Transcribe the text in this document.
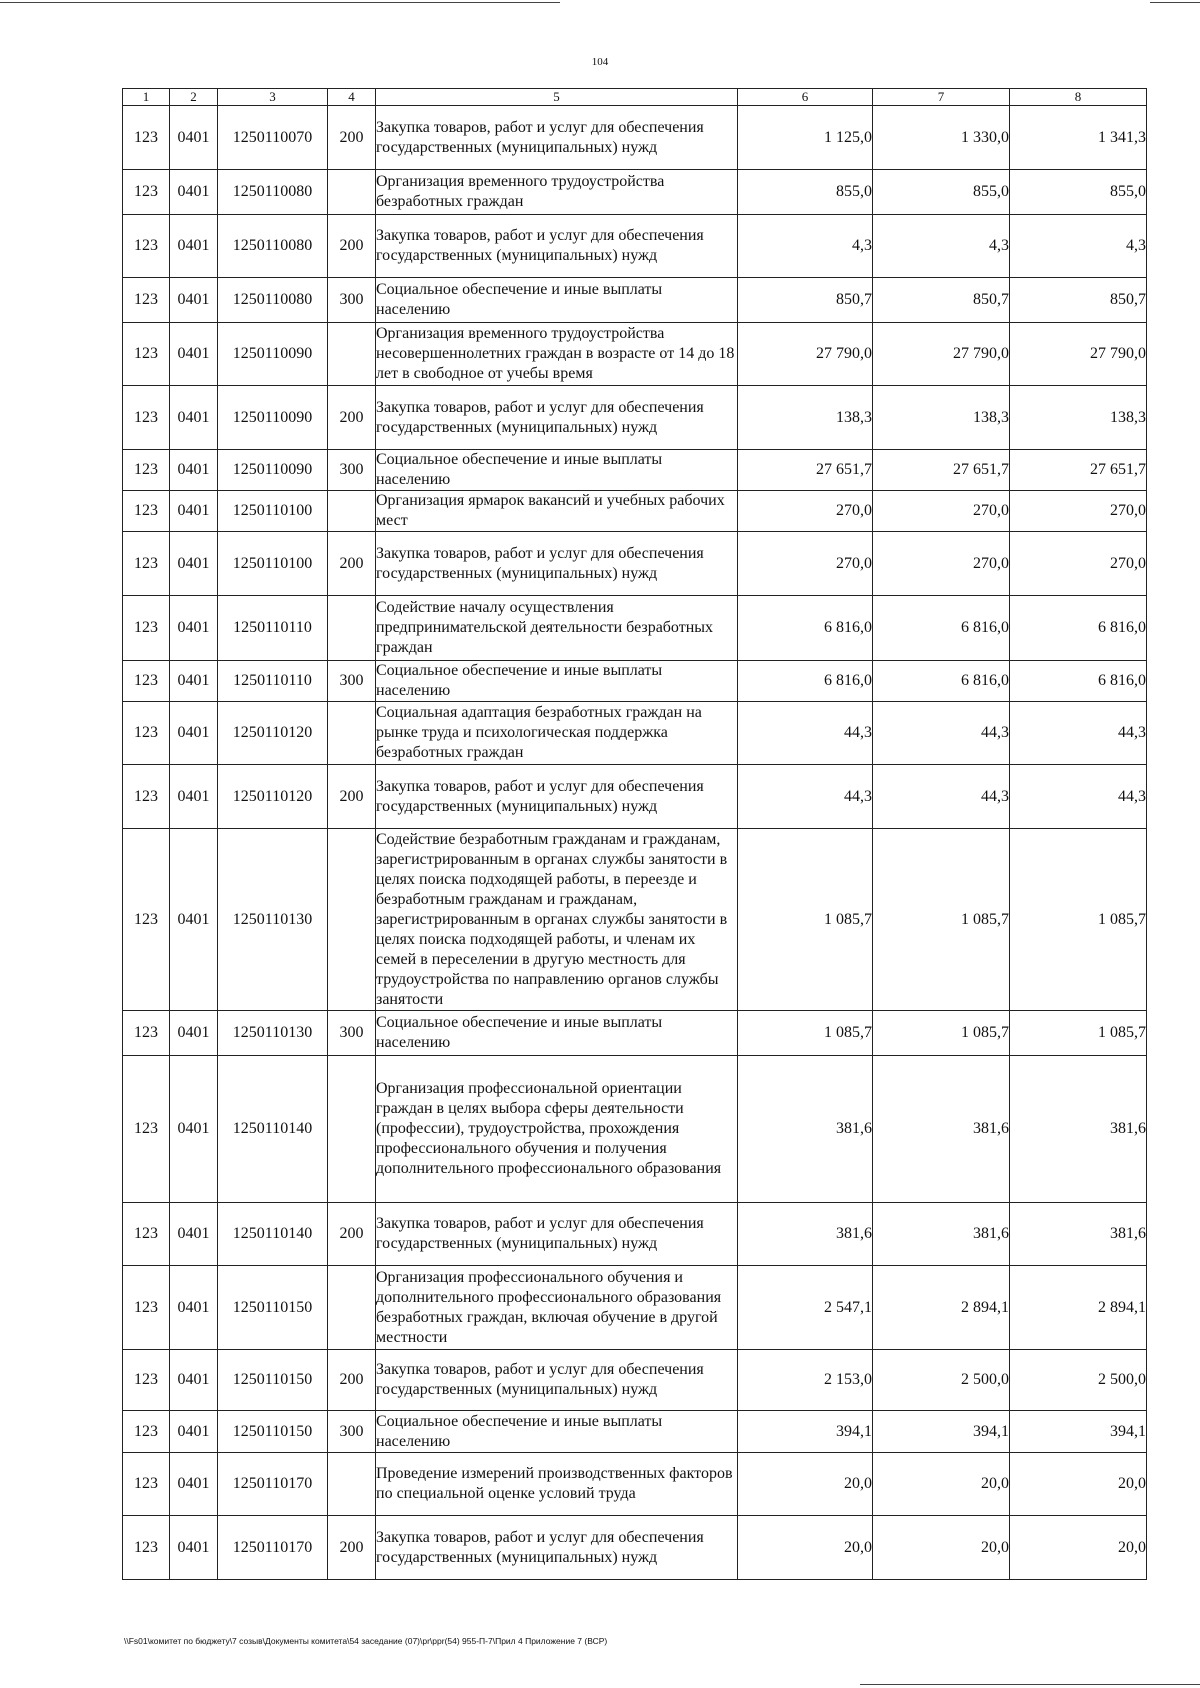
104
1	2	3	4	5	6	7	8
123	0401	1250110070	200	Закупка товаров, работ и услуг для обеспечения государственных (муниципальных) нужд	1 125,0	1 330,0	1 341,3
123	0401	1250110080		Организация временного трудоустройства безработных граждан	855,0	855,0	855,0
123	0401	1250110080	200	Закупка товаров, работ и услуг для обеспечения государственных (муниципальных) нужд	4,3	4,3	4,3
123	0401	1250110080	300	Социальное обеспечение и иные выплаты населению	850,7	850,7	850,7
123	0401	1250110090		Организация временного трудоустройства несовершеннолетних граждан в возрасте от 14 до 18 лет в свободное от учебы время	27 790,0	27 790,0	27 790,0
123	0401	1250110090	200	Закупка товаров, работ и услуг для обеспечения государственных (муниципальных) нужд	138,3	138,3	138,3
123	0401	1250110090	300	Социальное обеспечение и иные выплаты населению	27 651,7	27 651,7	27 651,7
123	0401	1250110100		Организация ярмарок вакансий и учебных рабочих мест	270,0	270,0	270,0
123	0401	1250110100	200	Закупка товаров, работ и услуг для обеспечения государственных (муниципальных) нужд	270,0	270,0	270,0
123	0401	1250110110		Содействие началу осуществления предпринимательской деятельности безработных граждан	6 816,0	6 816,0	6 816,0
123	0401	1250110110	300	Социальное обеспечение и иные выплаты населению	6 816,0	6 816,0	6 816,0
123	0401	1250110120		Социальная адаптация безработных граждан на рынке труда и психологическая поддержка безработных граждан	44,3	44,3	44,3
123	0401	1250110120	200	Закупка товаров, работ и услуг для обеспечения государственных (муниципальных) нужд	44,3	44,3	44,3
123	0401	1250110130		Содействие безработным гражданам и гражданам, зарегистрированным в органах службы занятости в целях поиска подходящей работы, в переезде и безработным гражданам и гражданам, зарегистрированным в органах службы занятости в целях поиска подходящей работы, и членам их семей в переселении в другую местность для трудоустройства по направлению органов службы занятости	1 085,7	1 085,7	1 085,7
123	0401	1250110130	300	Социальное обеспечение и иные выплаты населению	1 085,7	1 085,7	1 085,7
123	0401	1250110140		Организация профессиональной ориентации граждан в целях выбора сферы деятельности (профессии), трудоустройства, прохождения профессионального обучения и получения дополнительного профессионального образования	381,6	381,6	381,6
123	0401	1250110140	200	Закупка товаров, работ и услуг для обеспечения государственных (муниципальных) нужд	381,6	381,6	381,6
123	0401	1250110150		Организация профессионального обучения и дополнительного профессионального образования безработных граждан, включая обучение в другой местности	2 547,1	2 894,1	2 894,1
123	0401	1250110150	200	Закупка товаров, работ и услуг для обеспечения государственных (муниципальных) нужд	2 153,0	2 500,0	2 500,0
123	0401	1250110150	300	Социальное обеспечение и иные выплаты населению	394,1	394,1	394,1
123	0401	1250110170		Проведение измерений производственных факторов по специальной оценке условий труда	20,0	20,0	20,0
123	0401	1250110170	200	Закупка товаров, работ и услуг для обеспечения государственных (муниципальных) нужд	20,0	20,0	20,0
\\Fs01\комитет по бюджету\7 созыв\Документы комитета\54 заседание (07)\pr\ppr(54) 955-П-7\Прил 4 Приложение 7 (ВСР)
